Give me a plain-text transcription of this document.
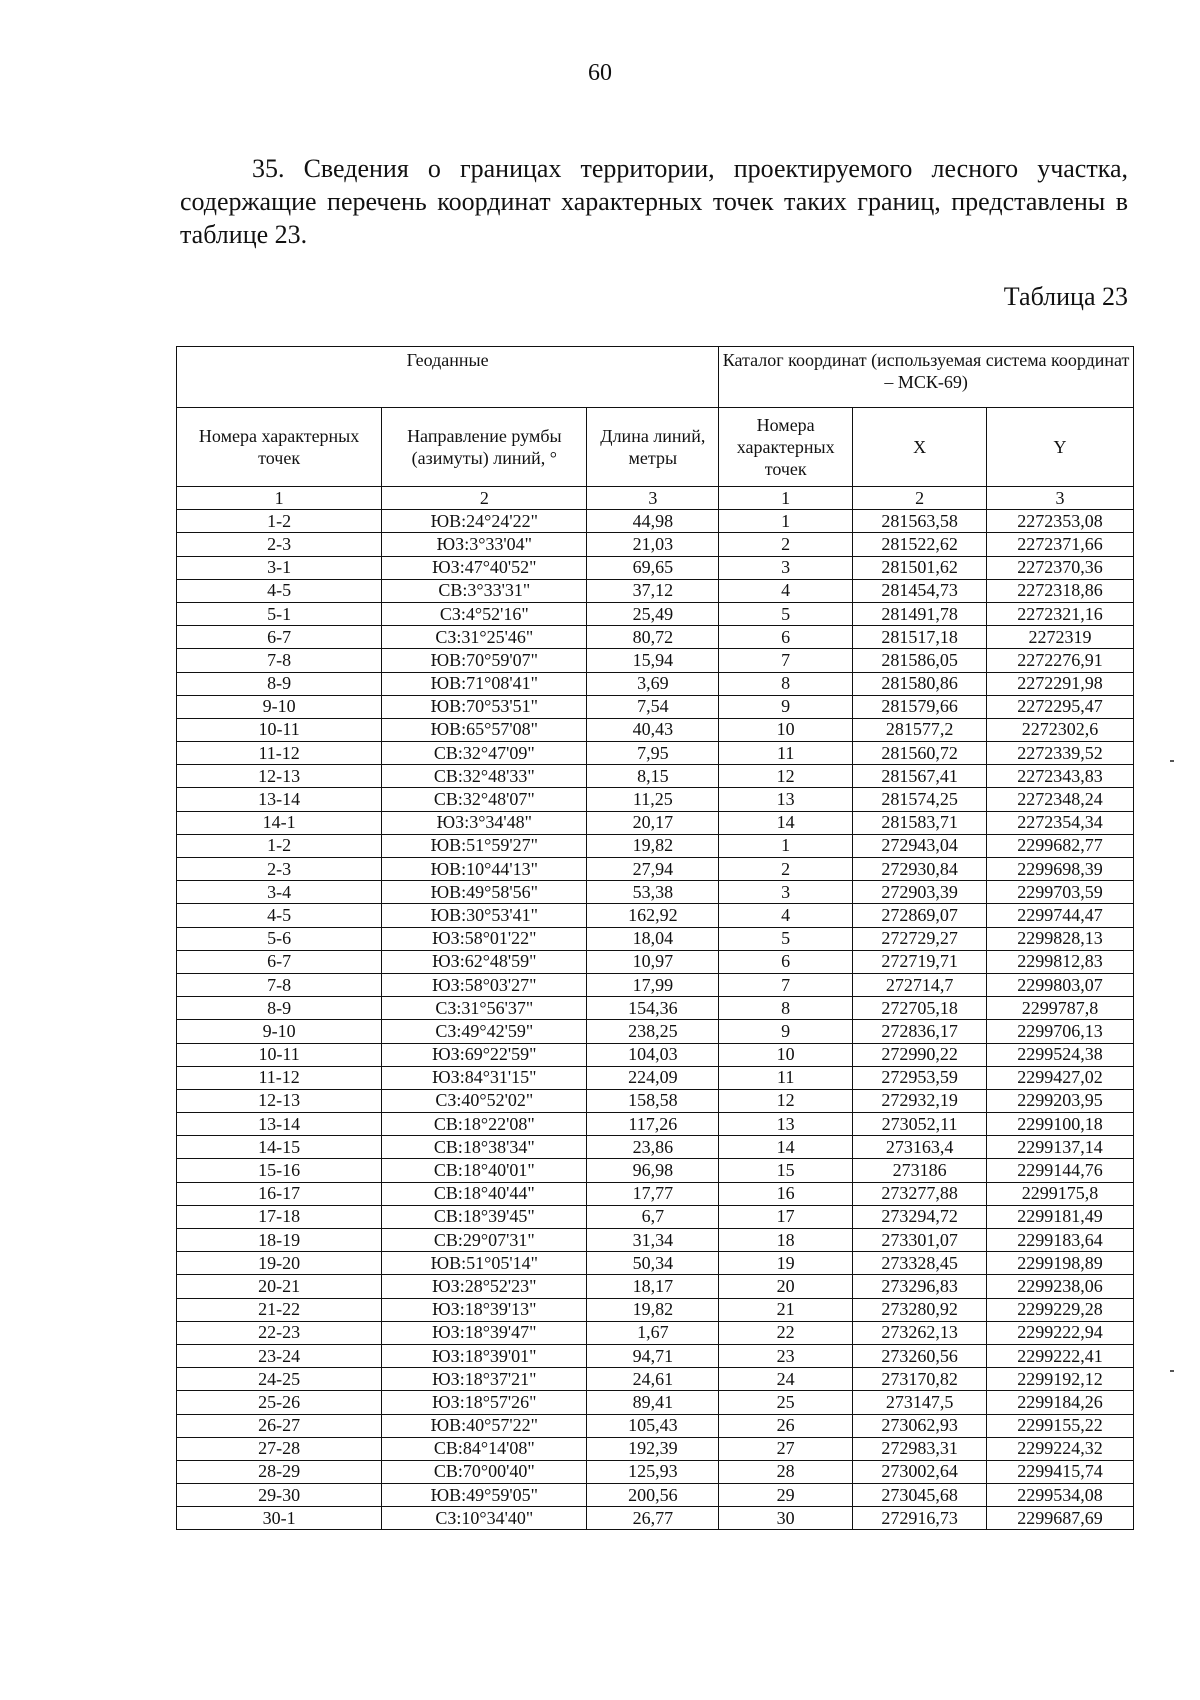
60
35. Сведения о границах территории, проектируемого лесного участка, содержащие перечень координат характерных точек таких границ, представлены в таблице 23.
Таблица 23
Геоданные			Каталог координат (используемая система координат – МСК-69)		
Номера характерных точек	Направление румбы (азимуты) линий, °	Длина линий, метры	Номера характерных точек	X	Y
1	2	3	1	2	3
1-2	ЮВ:24°24'22"	44,98	1	281563,58	2272353,08
2-3	ЮЗ:3°33'04"	21,03	2	281522,62	2272371,66
3-1	ЮЗ:47°40'52"	69,65	3	281501,62	2272370,36
4-5	СВ:3°33'31"	37,12	4	281454,73	2272318,86
5-1	СЗ:4°52'16"	25,49	5	281491,78	2272321,16
6-7	СЗ:31°25'46"	80,72	6	281517,18	2272319
7-8	ЮВ:70°59'07"	15,94	7	281586,05	2272276,91
8-9	ЮВ:71°08'41"	3,69	8	281580,86	2272291,98
9-10	ЮВ:70°53'51"	7,54	9	281579,66	2272295,47
10-11	ЮВ:65°57'08"	40,43	10	281577,2	2272302,6
11-12	СВ:32°47'09"	7,95	11	281560,72	2272339,52
12-13	СВ:32°48'33"	8,15	12	281567,41	2272343,83
13-14	СВ:32°48'07"	11,25	13	281574,25	2272348,24
14-1	ЮЗ:3°34'48"	20,17	14	281583,71	2272354,34
1-2	ЮВ:51°59'27"	19,82	1	272943,04	2299682,77
2-3	ЮВ:10°44'13"	27,94	2	272930,84	2299698,39
3-4	ЮВ:49°58'56"	53,38	3	272903,39	2299703,59
4-5	ЮВ:30°53'41"	162,92	4	272869,07	2299744,47
5-6	ЮЗ:58°01'22"	18,04	5	272729,27	2299828,13
6-7	ЮЗ:62°48'59"	10,97	6	272719,71	2299812,83
7-8	ЮЗ:58°03'27"	17,99	7	272714,7	2299803,07
8-9	СЗ:31°56'37"	154,36	8	272705,18	2299787,8
9-10	СЗ:49°42'59"	238,25	9	272836,17	2299706,13
10-11	ЮЗ:69°22'59"	104,03	10	272990,22	2299524,38
11-12	ЮЗ:84°31'15"	224,09	11	272953,59	2299427,02
12-13	СЗ:40°52'02"	158,58	12	272932,19	2299203,95
13-14	СВ:18°22'08"	117,26	13	273052,11	2299100,18
14-15	СВ:18°38'34"	23,86	14	273163,4	2299137,14
15-16	СВ:18°40'01"	96,98	15	273186	2299144,76
16-17	СВ:18°40'44"	17,77	16	273277,88	2299175,8
17-18	СВ:18°39'45"	6,7	17	273294,72	2299181,49
18-19	СВ:29°07'31"	31,34	18	273301,07	2299183,64
19-20	ЮВ:51°05'14"	50,34	19	273328,45	2299198,89
20-21	ЮЗ:28°52'23"	18,17	20	273296,83	2299238,06
21-22	ЮЗ:18°39'13"	19,82	21	273280,92	2299229,28
22-23	ЮЗ:18°39'47"	1,67	22	273262,13	2299222,94
23-24	ЮЗ:18°39'01"	94,71	23	273260,56	2299222,41
24-25	ЮЗ:18°37'21"	24,61	24	273170,82	2299192,12
25-26	ЮЗ:18°57'26"	89,41	25	273147,5	2299184,26
26-27	ЮВ:40°57'22"	105,43	26	273062,93	2299155,22
27-28	СВ:84°14'08"	192,39	27	272983,31	2299224,32
28-29	СВ:70°00'40"	125,93	28	273002,64	2299415,74
29-30	ЮВ:49°59'05"	200,56	29	273045,68	2299534,08
30-1	СЗ:10°34'40"	26,77	30	272916,73	2299687,69
